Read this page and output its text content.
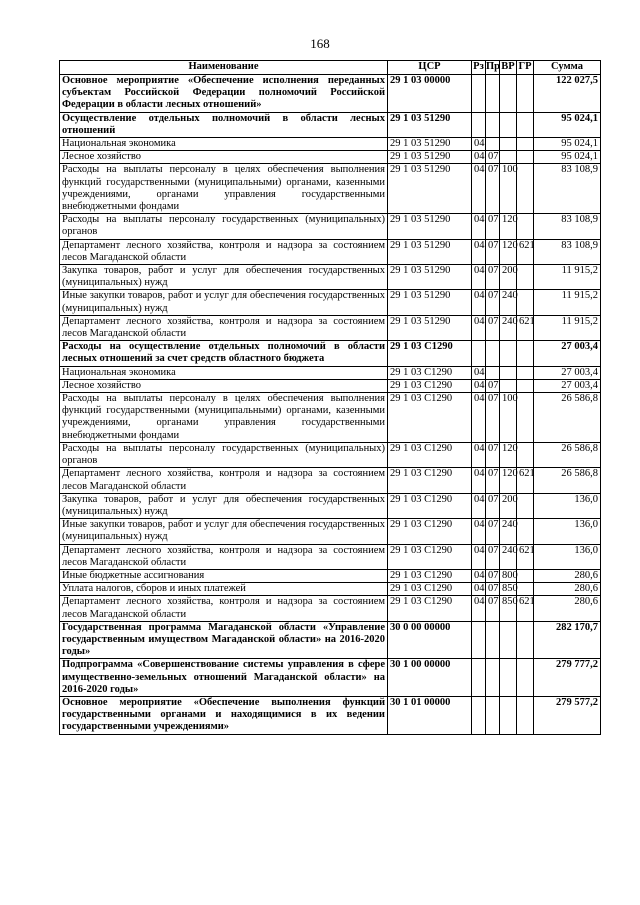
168
Наименование	ЦСР	Рз	Пр	ВР	ГР	Сумма
Основное мероприятие «Обеспечение исполнения переданных субъектам Российской Федерации полномочий Российской Федерации в области лесных отношений»	29 1 03 00000					122 027,5
Осуществление отдельных полномочий в области лесных отношений	29 1 03 51290					95 024,1
Национальная экономика	29 1 03 51290	04				95 024,1
Лесное хозяйство	29 1 03 51290	04	07			95 024,1
Расходы на выплаты персоналу в целях обеспечения выполнения функций государственными (муниципальными) органами, казенными учреждениями, органами управления государственными внебюджетными фондами	29 1 03 51290	04	07	100		83 108,9
Расходы на выплаты персоналу государственных (муниципальных) органов	29 1 03 51290	04	07	120		83 108,9
Департамент лесного хозяйства, контроля и надзора за состоянием лесов Магаданской области	29 1 03 51290	04	07	120	621	83 108,9
Закупка товаров, работ и услуг для обеспечения государственных (муниципальных) нужд	29 1 03 51290	04	07	200		11 915,2
Иные закупки товаров, работ и услуг для обеспечения государственных (муниципальных) нужд	29 1 03 51290	04	07	240		11 915,2
Департамент лесного хозяйства, контроля и надзора за состоянием лесов Магаданской области	29 1 03 51290	04	07	240	621	11 915,2
Расходы на осуществление отдельных полномочий в области лесных отношений за счет средств областного бюджета	29 1 03 С1290					27 003,4
Национальная экономика	29 1 03 С1290	04				27 003,4
Лесное хозяйство	29 1 03 С1290	04	07			27 003,4
Расходы на выплаты персоналу в целях обеспечения выполнения функций государственными (муниципальными) органами, казенными учреждениями, органами управления государственными внебюджетными фондами	29 1 03 С1290	04	07	100		26 586,8
Расходы на выплаты персоналу государственных (муниципальных) органов	29 1 03 С1290	04	07	120		26 586,8
Департамент лесного хозяйства, контроля и надзора за состоянием лесов Магаданской области	29 1 03 С1290	04	07	120	621	26 586,8
Закупка товаров, работ и услуг для обеспечения государственных (муниципальных) нужд	29 1 03 С1290	04	07	200		136,0
Иные закупки товаров, работ и услуг для обеспечения государственных (муниципальных) нужд	29 1 03 С1290	04	07	240		136,0
Департамент лесного хозяйства, контроля и надзора за состоянием лесов Магаданской области	29 1 03 С1290	04	07	240	621	136,0
Иные бюджетные ассигнования	29 1 03 С1290	04	07	800		280,6
Уплата налогов, сборов и иных платежей	29 1 03 С1290	04	07	850		280,6
Департамент лесного хозяйства, контроля и надзора за состоянием лесов Магаданской области	29 1 03 С1290	04	07	850	621	280,6
Государственная программа Магаданской области «Управление государственным имуществом Магаданской области» на 2016-2020 годы»	30 0 00 00000					282 170,7
Подпрограмма «Совершенствование системы управления в сфере имущественно-земельных отношений Магаданской области» на 2016-2020 годы»	30 1 00 00000					279 777,2
Основное мероприятие «Обеспечение выполнения функций государственными органами и находящимися в их ведении государственными учреждениями»	30 1 01 00000					279 577,2
